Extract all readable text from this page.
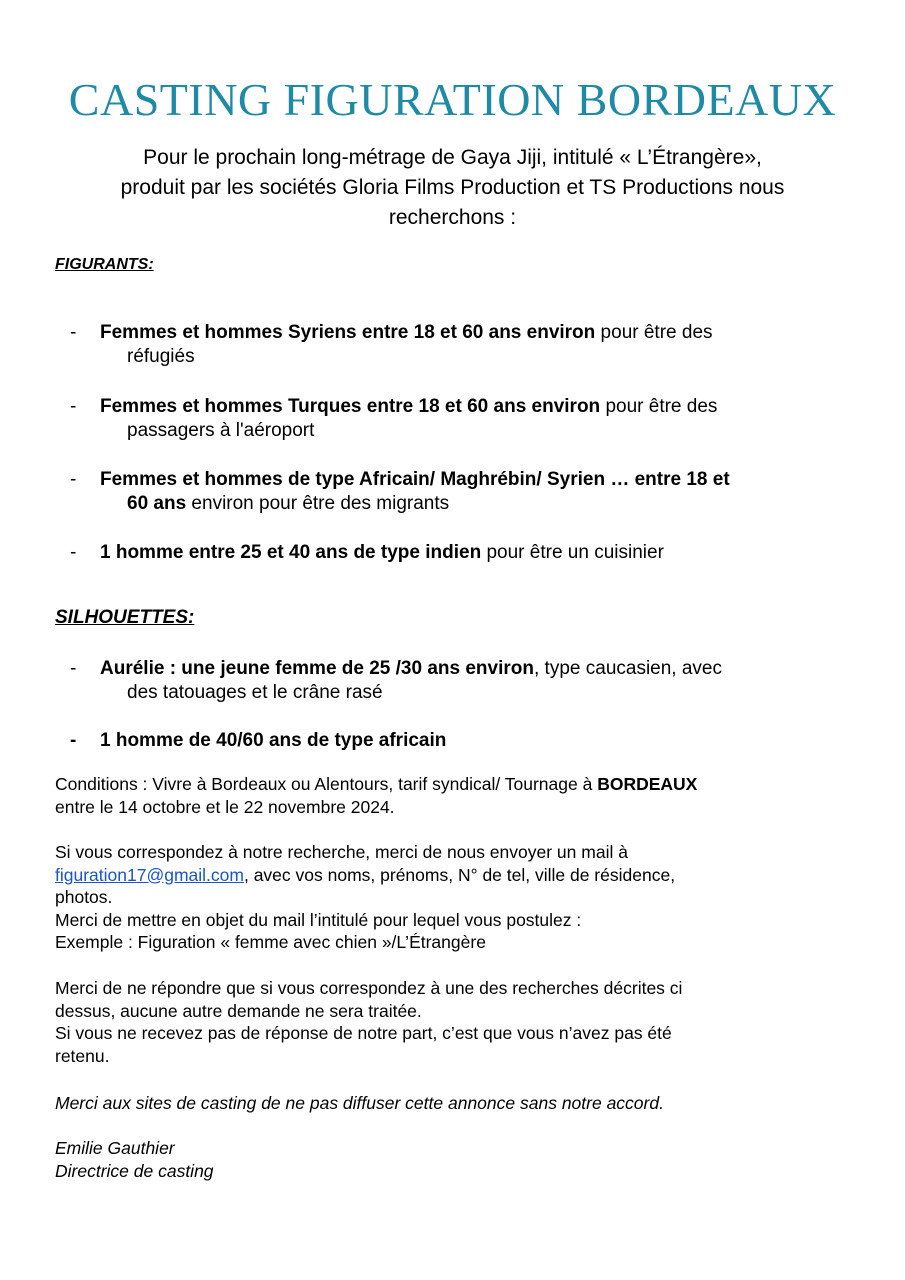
CASTING FIGURATION BORDEAUX
Pour le prochain long-métrage de Gaya Jiji, intitulé « L’Étrangère»,
produit par les sociétés Gloria Films Production et TS Productions nous
recherchons :
FIGURANTS:
-	Femmes et hommes Syriens entre 18 et 60 ans environ pour être des
réfugiés
-	Femmes et hommes Turques entre 18 et 60 ans environ pour être des
passagers à l'aéroport
-	Femmes et hommes de type Africain/ Maghrébin/ Syrien … entre 18 et
60 ans environ pour être des migrants
-	1 homme entre 25 et 40 ans de type indien pour être un cuisinier
SILHOUETTES:
-	Aurélie : une jeune femme de 25 /30 ans environ, type caucasien, avec
des tatouages et le crâne rasé
-	1 homme de 40/60 ans de type africain
Conditions : Vivre à Bordeaux ou Alentours, tarif syndical/ Tournage à BORDEAUX
entre le 14 octobre et le 22 novembre 2024.
Si vous correspondez à notre recherche, merci de nous envoyer un mail à
figuration17@gmail.com, avec vos noms, prénoms, N° de tel, ville de résidence,
photos.
Merci de mettre en objet du mail l’intitulé pour lequel vous postulez :
Exemple : Figuration « femme avec chien »/L’Étrangère
Merci de ne répondre que si vous correspondez à une des recherches décrites ci
dessus, aucune autre demande ne sera traitée.
Si vous ne recevez pas de réponse de notre part, c’est que vous n’avez pas été
retenu.
Merci aux sites de casting de ne pas diffuser cette annonce sans notre accord.
Emilie Gauthier
Directrice de casting
